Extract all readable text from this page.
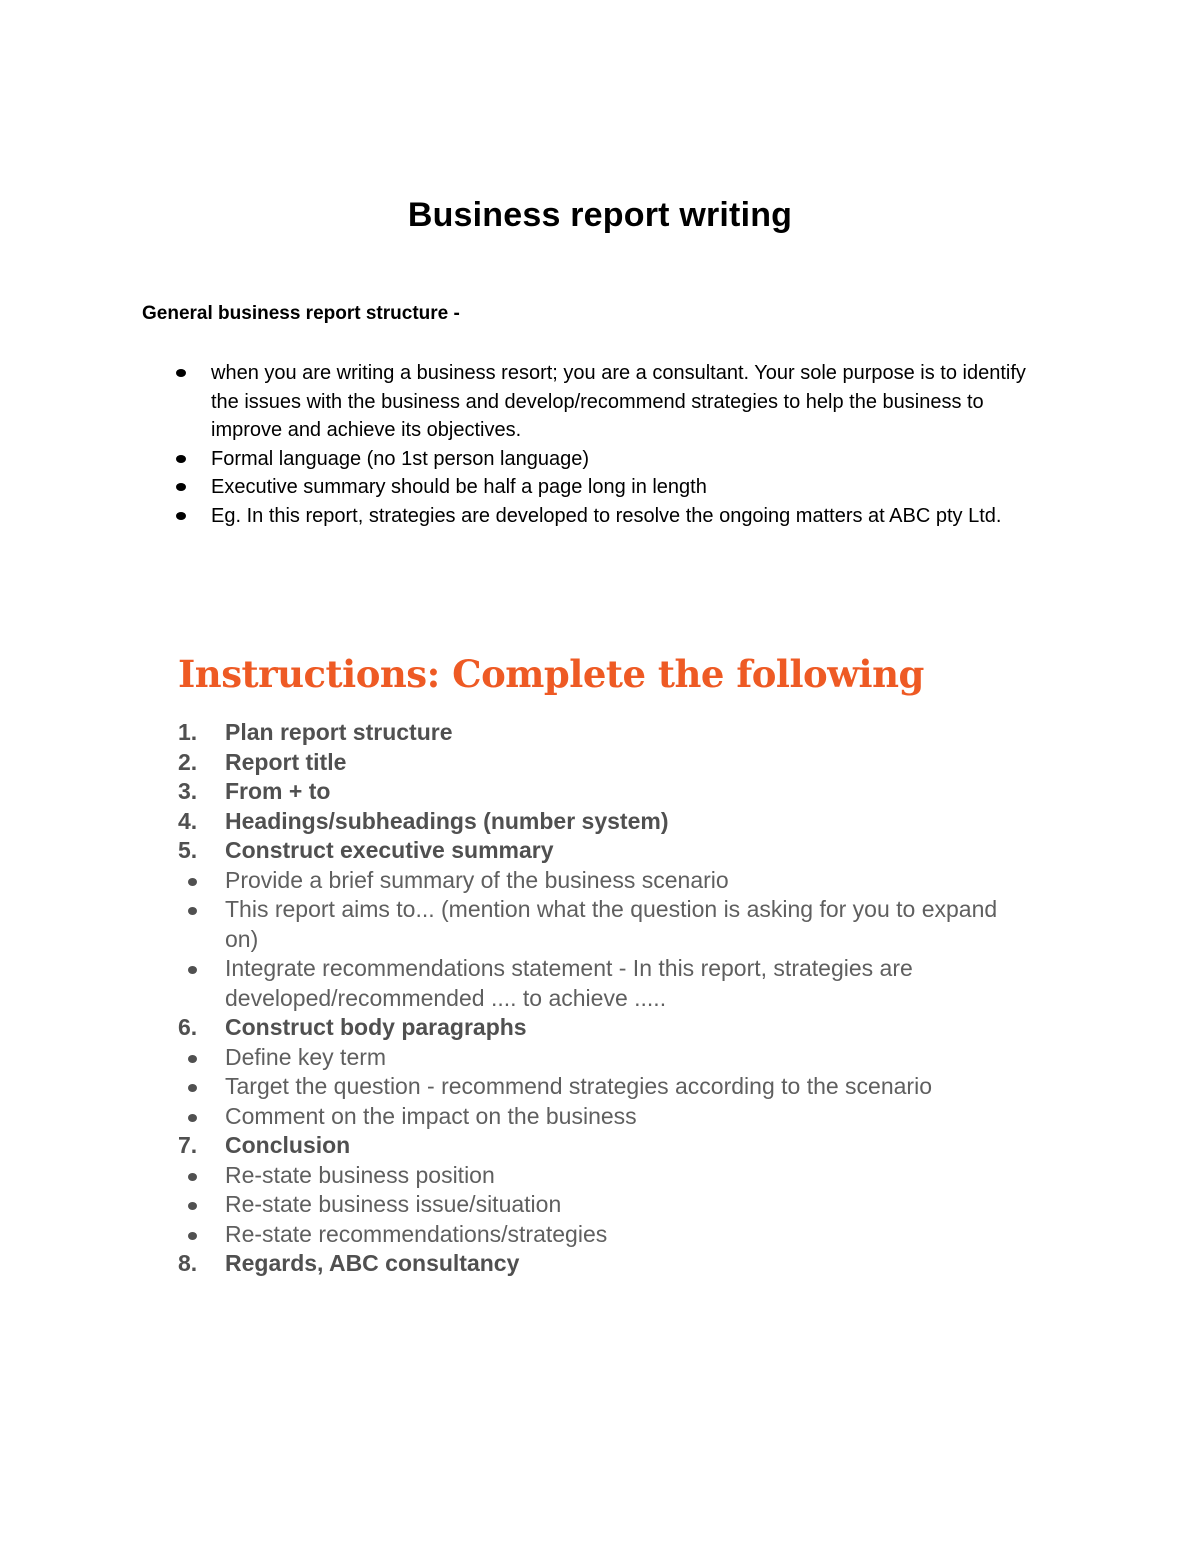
Business report writing
General business report structure -
when you are writing a business resort; you are a consultant. Your sole purpose is to identify the issues with the business and develop/recommend strategies to help the business to improve and achieve its objectives.
Formal language (no 1st person language)
Executive summary should be half a page long in length
Eg. In this report, strategies are developed to resolve the ongoing matters at ABC pty Ltd.
Instructions: Complete the following
1.	Plan report structure
2.	Report title
3.	From + to
4.	Headings/subheadings (number system)
5.	Construct executive summary
Provide a brief summary of the business scenario
This report aims to... (mention what the question is asking for you to expand on)
Integrate recommendations statement - In this report, strategies are developed/recommended .... to achieve .....
6.	Construct body paragraphs
Define key term
Target the question - recommend strategies according to the scenario
Comment on the impact on the business
7.	Conclusion
Re-state business position
Re-state business issue/situation
Re-state recommendations/strategies
8.	Regards, ABC consultancy
